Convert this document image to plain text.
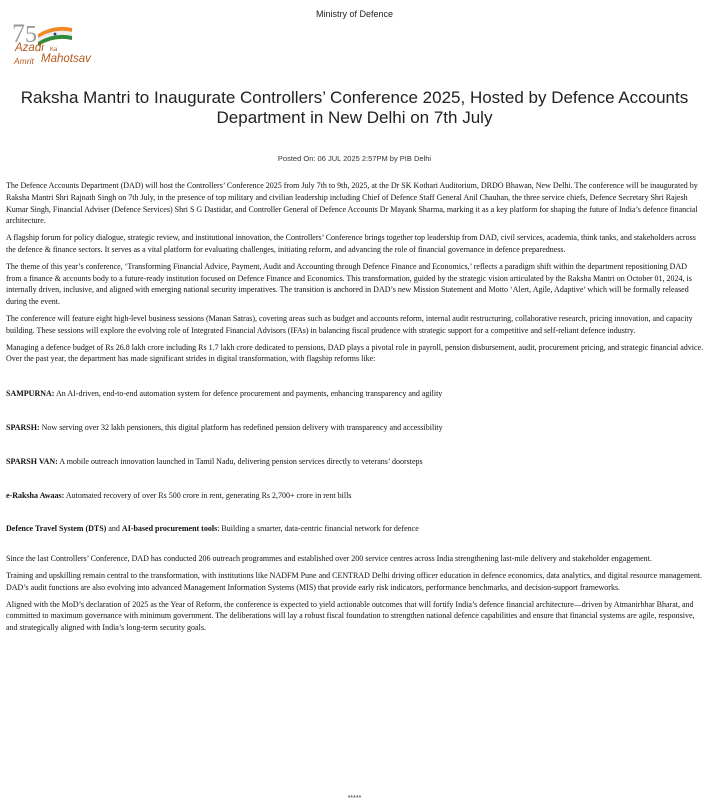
Ministry of Defence
7 5
Azadi Ka
Amrit Mahotsav
Raksha Mantri to Inaugurate Controllers’ Conference 2025, Hosted by Defence Accounts Department in New Delhi on 7th July
Posted On: 06 JUL 2025 2:57PM by PIB Delhi

The Defence Accounts Department (DAD) will host the Controllers’ Conference 2025 from July 7th to 9th, 2025, at the Dr SK Kothari Auditorium, DRDO Bhawan, New Delhi. The conference will be inaugurated by Raksha Mantri Shri Rajnath Singh on 7th July, in the presence of top military and civilian leadership including Chief of Defence Staff General Anil Chauhan, the three service chiefs, Defence Secretary Shri Rajesh Kumar Singh, Financial Adviser (Defence Services) Shri S G Dastidar, and Controller General of Defence Accounts Dr Mayank Sharma, marking it as a key platform for shaping the future of India’s defence financial architecture.

A flagship forum for policy dialogue, strategic review, and institutional innovation, the Controllers’ Conference brings together top leadership from DAD, civil services, academia, think tanks, and stakeholders across the defence & finance sectors. It serves as a vital platform for evaluating challenges, initiating reform, and advancing the role of financial governance in defence preparedness.

The theme of this year’s conference, ‘Transforming Financial Advice, Payment, Audit and Accounting through Defence Finance and Economics,’ reflects a paradigm shift within the department repositioning DAD from a finance & accounts body to a future-ready institution focused on Defence Finance and Economics. This transformation, guided by the strategic vision articulated by the Raksha Mantri on October 01, 2024, is internally driven, inclusive, and aligned with emerging national security imperatives. The transition is anchored in DAD’s new Mission Statement and Motto ‘Alert, Agile, Adaptive’ which will be formally released during the event.

The conference will feature eight high-level business sessions (Manan Satras), covering areas such as budget and accounts reform, internal audit restructuring, collaborative research, pricing innovation, and capacity building. These sessions will explore the evolving role of Integrated Financial Advisors (IFAs) in balancing fiscal prudence with strategic support for a competitive and self-reliant defence industry.

Managing a defence budget of Rs 26.8 lakh crore including Rs 1.7 lakh crore dedicated to pensions, DAD plays a pivotal role in payroll, pension disbursement, audit, procurement pricing, and strategic financial advice. Over the past year, the department has made significant strides in digital transformation, with flagship reforms like:

SAMPURNA: An AI-driven, end-to-end automation system for defence procurement and payments, enhancing transparency and agility

SPARSH: Now serving over 32 lakh pensioners, this digital platform has redefined pension delivery with transparency and accessibility

SPARSH VAN: A mobile outreach innovation launched in Tamil Nadu, delivering pension services directly to veterans’ doorsteps

e-Raksha Awaas: Automated recovery of over Rs 500 crore in rent, generating Rs 2,700+ crore in rent bills

Defence Travel System (DTS) and AI-based procurement tools: Building a smarter, data-centric financial network for defence

Since the last Controllers’ Conference, DAD has conducted 206 outreach programmes and established over 200 service centres across India strengthening last-mile delivery and stakeholder engagement.

Training and upskilling remain central to the transformation, with institutions like NADFM Pune and CENTRAD Delhi driving officer education in defence economics, data analytics, and digital resource management. DAD’s audit functions are also evolving into advanced Management Information Systems (MIS) that provide early risk indicators, performance benchmarks, and decision-support frameworks.

Aligned with the MoD’s declaration of 2025 as the Year of Reform, the conference is expected to yield actionable outcomes that will fortify India’s defence financial architecture—driven by Atmanirbhar Bharat, and committed to maximum governance with minimum government. The deliberations will lay a robust fiscal foundation to strengthen national defence capabilities and ensure that financial systems are agile, responsive, and strategically aligned with India’s long-term security goals.

*****
